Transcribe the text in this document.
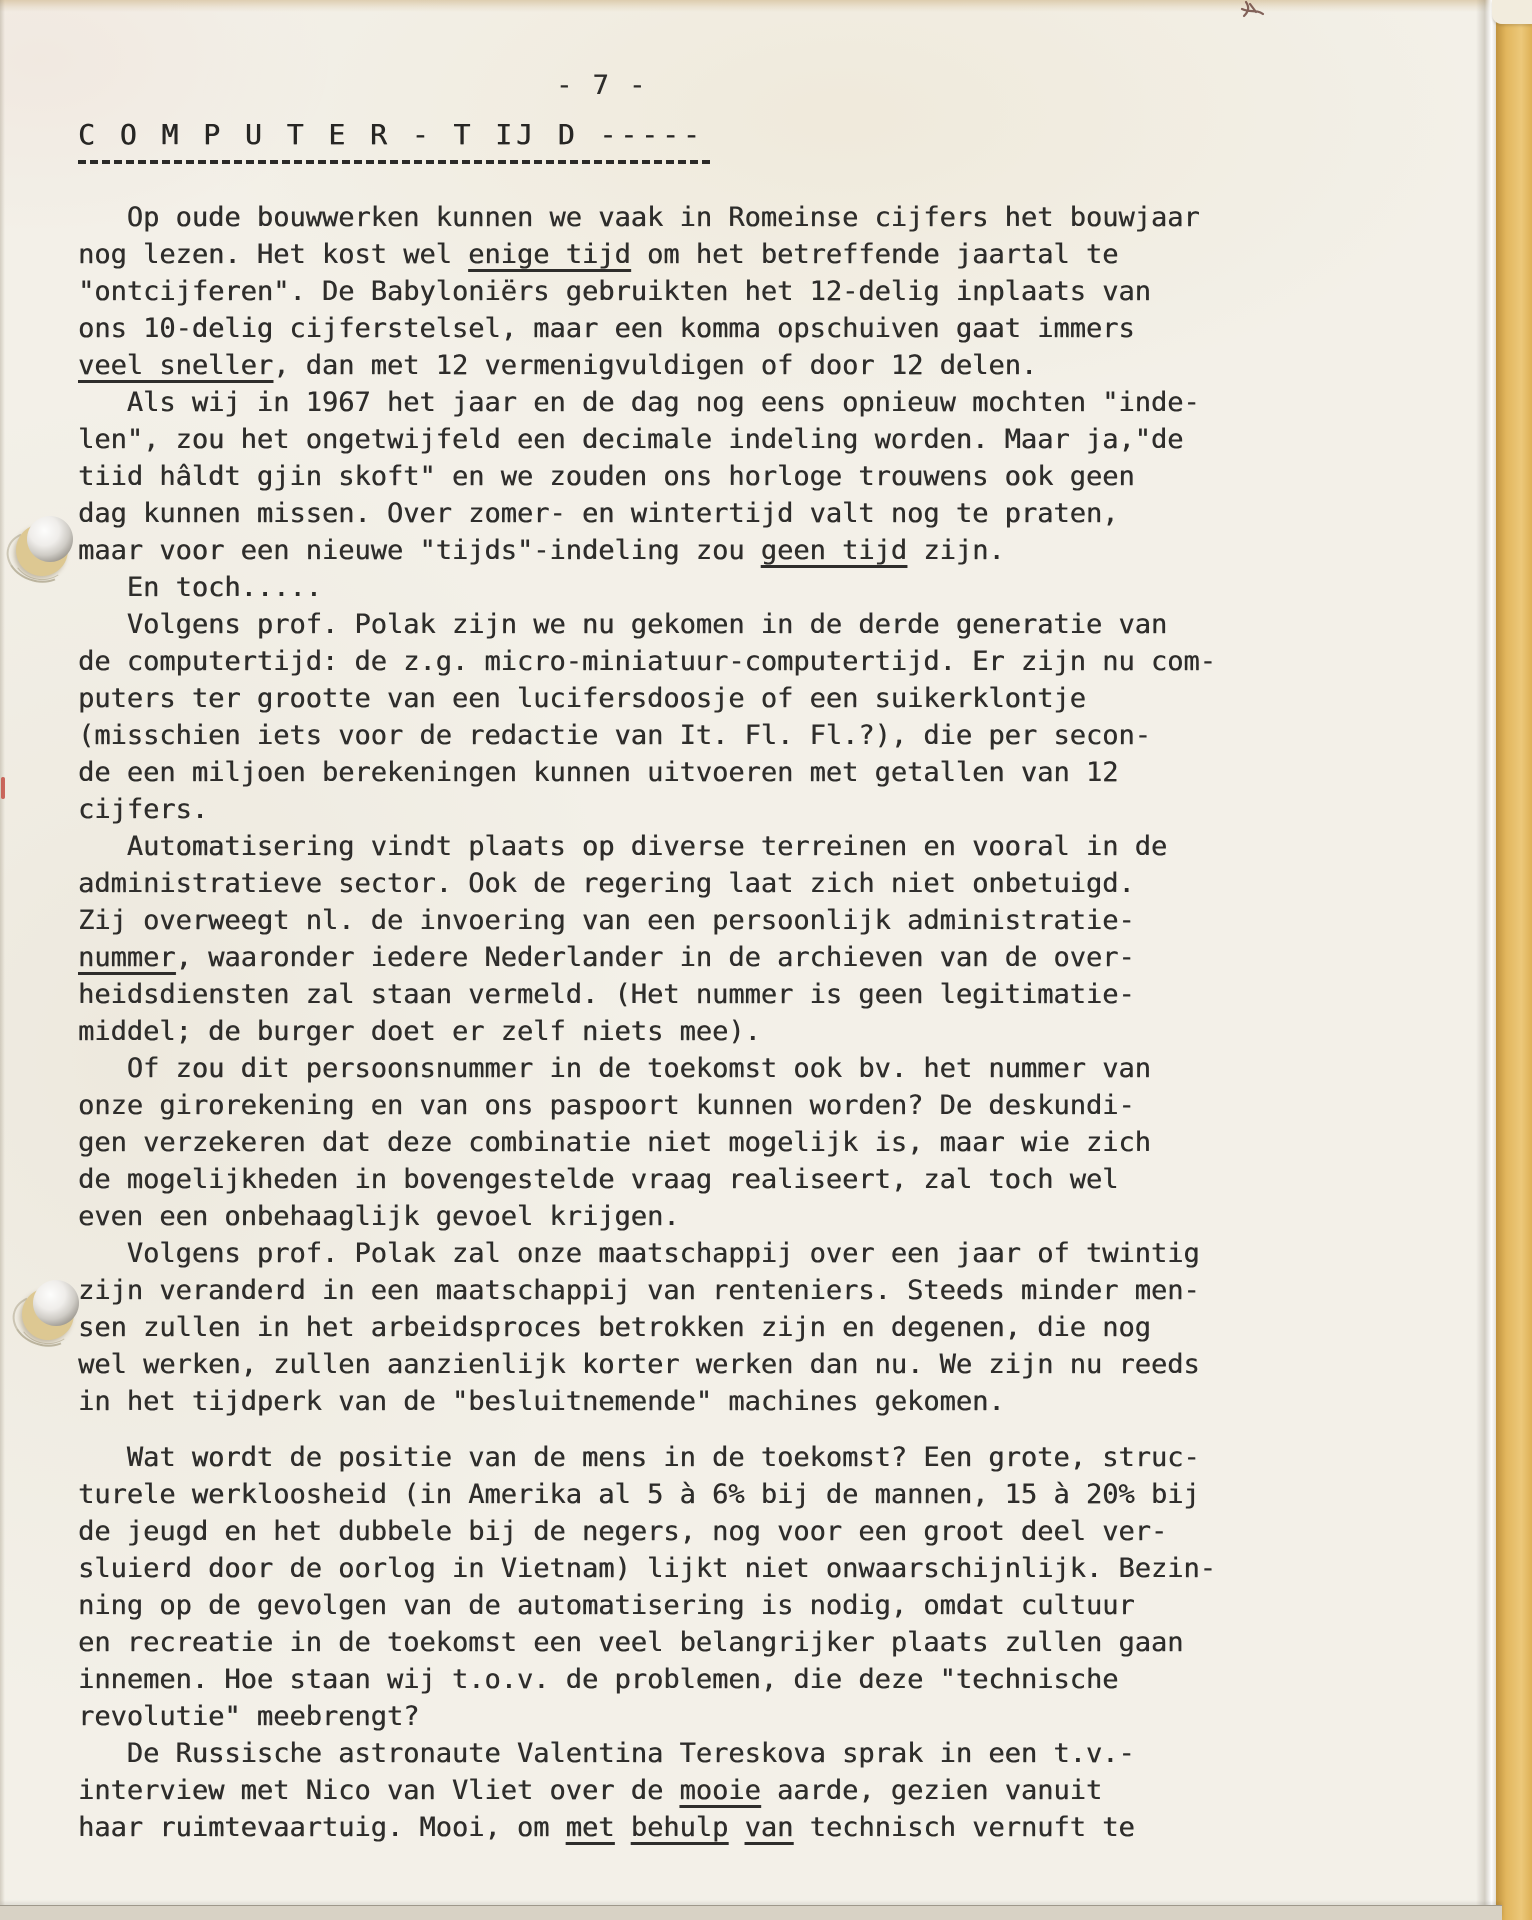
- 7 -
C O M P U T E R - T IJ D -----
Op oude bouwwerken kunnen we vaak in Romeinse cijfers het bouwjaar
nog lezen. Het kost wel enige tijd om het betreffende jaartal te
"ontcijferen". De Babyloniërs gebruikten het 12-delig inplaats van
ons 10-delig cijferstelsel, maar een komma opschuiven gaat immers
veel sneller, dan met 12 vermenigvuldigen of door 12 delen.
Als wij in 1967 het jaar en de dag nog eens opnieuw mochten "inde-
len", zou het ongetwijfeld een decimale indeling worden. Maar ja,"de
tiid hâldt gjin skoft" en we zouden ons horloge trouwens ook geen
dag kunnen missen. Over zomer- en wintertijd valt nog te praten,
maar voor een nieuwe "tijds"-indeling zou geen tijd zijn.
En toch.....
Volgens prof. Polak zijn we nu gekomen in de derde generatie van
de computertijd: de z.g. micro-miniatuur-computertijd. Er zijn nu com-
puters ter grootte van een lucifersdoosje of een suikerklontje
(misschien iets voor de redactie van It. Fl. Fl.?), die per secon-
de een miljoen berekeningen kunnen uitvoeren met getallen van 12
cijfers.
Automatisering vindt plaats op diverse terreinen en vooral in de
administratieve sector. Ook de regering laat zich niet onbetuigd.
Zij overweegt nl. de invoering van een persoonlijk administratie-
nummer, waaronder iedere Nederlander in de archieven van de over-
heidsdiensten zal staan vermeld. (Het nummer is geen legitimatie-
middel; de burger doet er zelf niets mee).
Of zou dit persoonsnummer in de toekomst ook bv. het nummer van
onze girorekening en van ons paspoort kunnen worden? De deskundi-
gen verzekeren dat deze combinatie niet mogelijk is, maar wie zich
de mogelijkheden in bovengestelde vraag realiseert, zal toch wel
even een onbehaaglijk gevoel krijgen.
Volgens prof. Polak zal onze maatschappij over een jaar of twintig
zijn veranderd in een maatschappij van renteniers. Steeds minder men-
sen zullen in het arbeidsproces betrokken zijn en degenen, die nog
wel werken, zullen aanzienlijk korter werken dan nu. We zijn nu reeds
in het tijdperk van de "besluitnemende" machines gekomen.
Wat wordt de positie van de mens in de toekomst? Een grote, struc-
turele werkloosheid (in Amerika al 5 à 6% bij de mannen, 15 à 20% bij
de jeugd en het dubbele bij de negers, nog voor een groot deel ver-
sluierd door de oorlog in Vietnam) lijkt niet onwaarschijnlijk. Bezin-
ning op de gevolgen van de automatisering is nodig, omdat cultuur
en recreatie in de toekomst een veel belangrijker plaats zullen gaan
innemen. Hoe staan wij t.o.v. de problemen, die deze "technische
revolutie" meebrengt?
De Russische astronaute Valentina Tereskova sprak in een t.v.-
interview met Nico van Vliet over de mooie aarde, gezien vanuit
haar ruimtevaartuig. Mooi, om met behulp van technisch vernuft te
